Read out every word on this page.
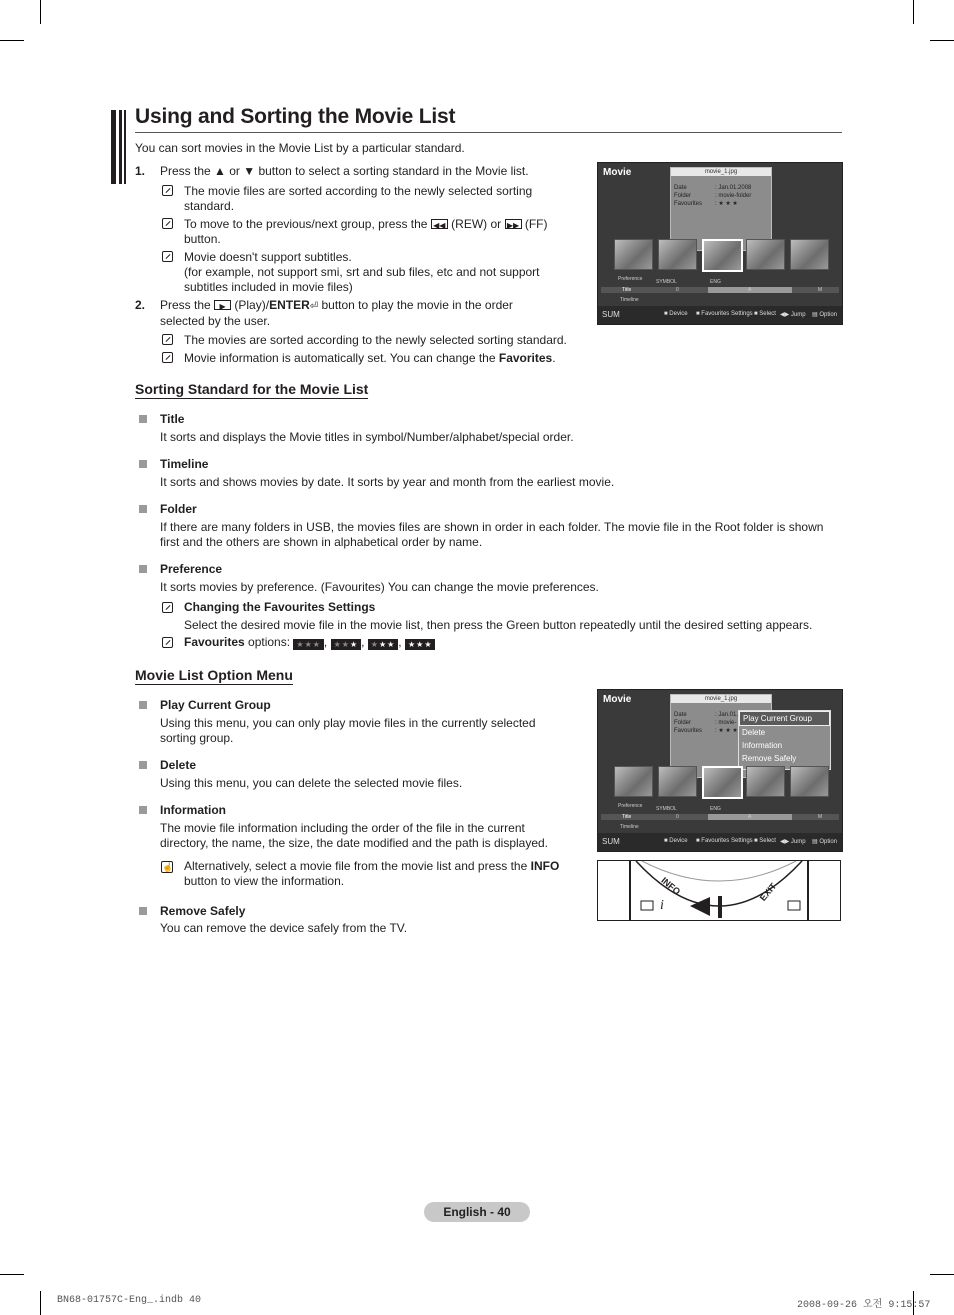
Using and Sorting the Movie List
You can sort movies in the Movie List by a particular standard.
1. Press the ▲ or ▼ button to select a sorting standard in the Movie list.
The movie files are sorted according to the newly selected sorting standard.
To move to the previous/next group, press the ◀◀ (REW) or ▶▶ (FF) button.
Movie doesn't support subtitles.
(for example, not support smi, srt and sub files, etc and not support subtitles included in movie files)
2. Press the	▶ (Play)/ENTER⏎ button to play the movie in the order selected by the user.
The movies are sorted according to the newly selected sorting standard.
Movie information is automatically set. You can change the Favorites.
Movie	movie_1.jpg
Date
Folder
Favourites
: Jan.01.2008
: movie-folder
: ★ ★ ★
Preference	SYMBOL	ENG
Title	0	A	M
Timeline
SUM	■ Device ■ Favourites Settings ■ Select ◀▶ Jump ▤ Option
Sorting Standard for the Movie List
Title
It sorts and displays the Movie titles in symbol/Number/alphabet/special order.
Timeline
It sorts and shows movies by date. It sorts by year and month from the earliest movie.
Folder
If there are many folders in USB, the movies files are shown in order in each folder. The movie file in the Root folder is shown first and the others are shown in alphabetical order by name.
Preference
It sorts movies by preference. (Favourites) You can change the movie preferences.
Changing the Favourites Settings
Select the desired movie file in the movie list, then press the Green button repeatedly until the desired setting appears.
Favourites options: ★★★ , ★★★ , ★★★ , ★★★
Movie List Option Menu
Play Current Group
Using this menu, you can only play movie files in the currently selected sorting group.
Delete
Using this menu, you can delete the selected movie files.
Information
The movie file information including the order of the file in the current directory, the name, the size, the date modified and the path is displayed.
☝ Alternatively, select a movie file from the movie list and press the INFO button to view the information.
Remove Safely
You can remove the device safely from the TV.
Movie	movie_1.jpg
Date
Folder
Favourites
: Jan.01.
: movie-
: ★ ★ ★
Play Current Group
Delete
Information
Remove Safely
Preference	SYMBOL	ENG
Title	0	A	M
Timeline
SUM	■ Device ■ Favourites Settings ■ Select ◀▶ Jump ▤ Option
INFO	EXIT
i
English - 40
BN68-01757C-Eng_.indb 40	2008-09-26 오전 9:15:57
